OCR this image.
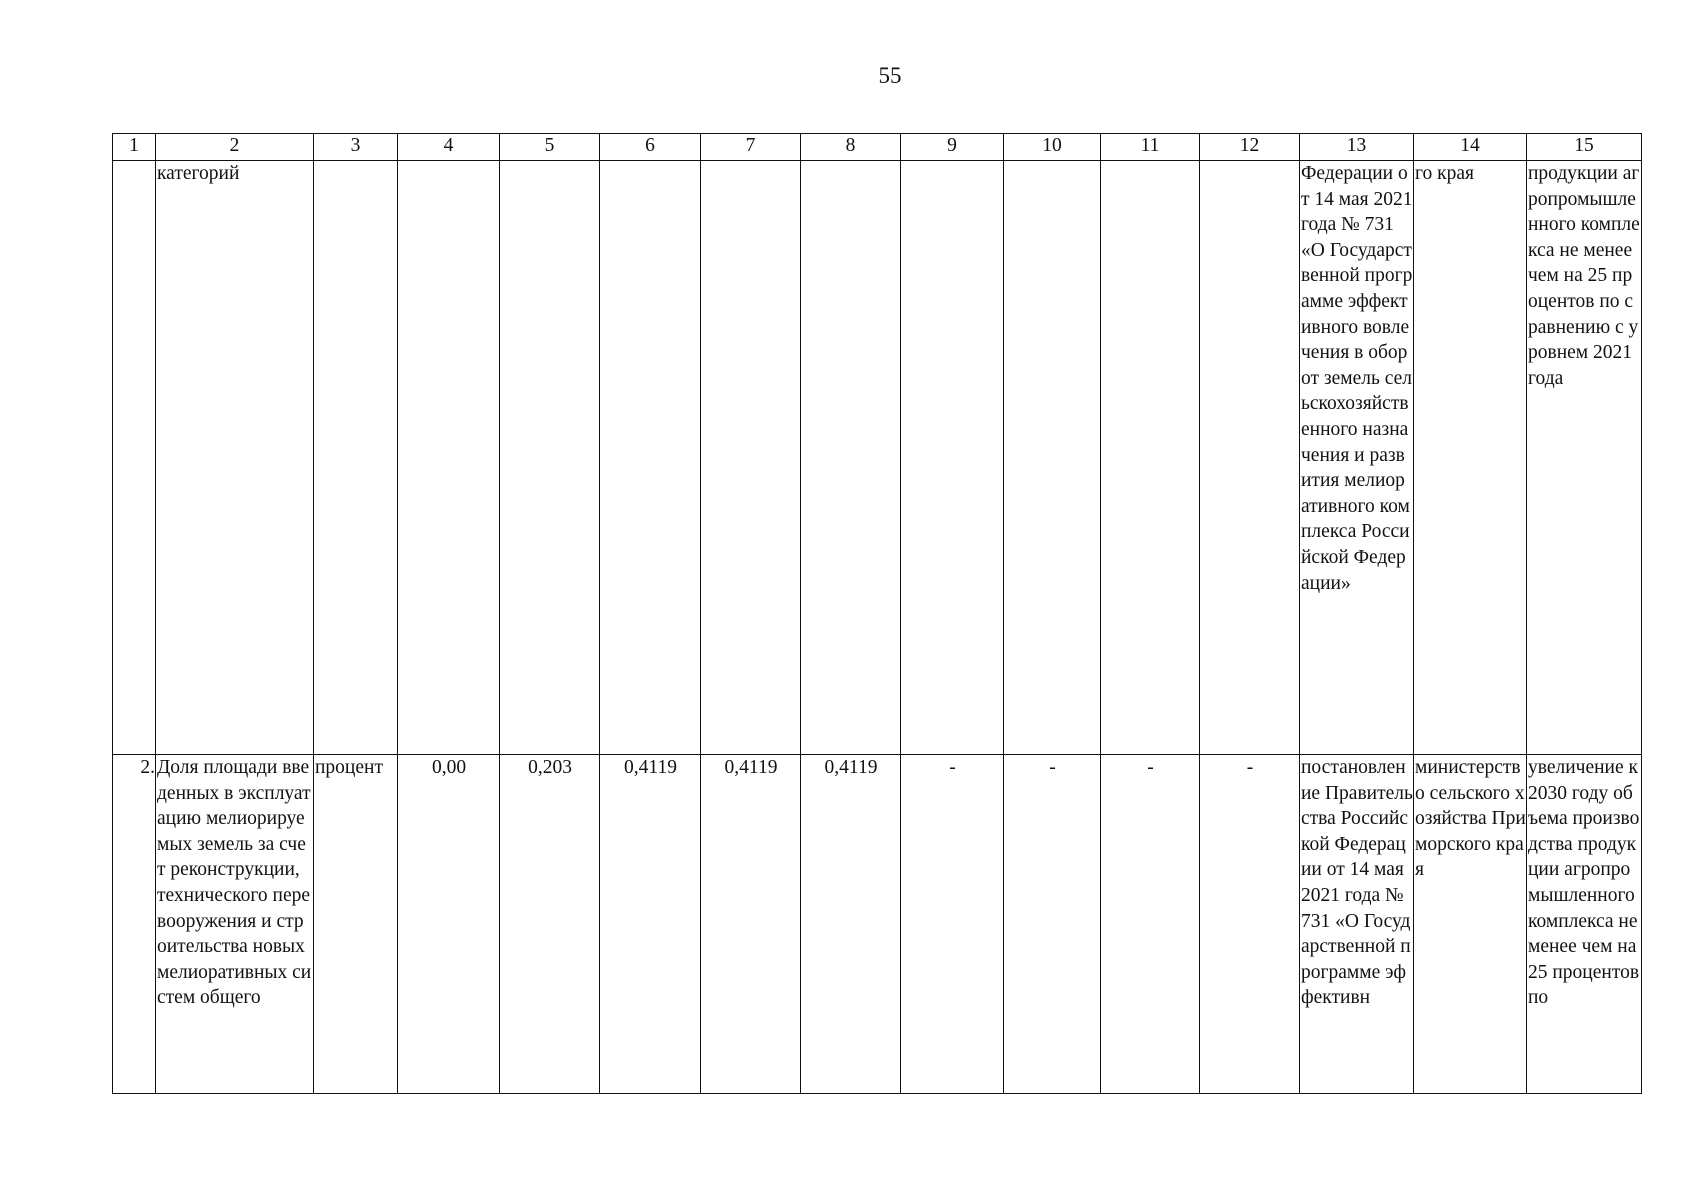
55
1	2	3	4	5	6	7	8	9	10	11	12	13	14	15
	категорий											Федерации от 14 мая 2021 года № 731 «О Государственной программе эффективного вовлечения в оборот земель сельскохозяйственного назначения и развития мелиоративного комплекса Российской Федерации»	го края	продукции агропромышленного комплекса не менее чем на 25 процентов по сравнению с уровнем 2021 года
2.	Доля площади введенных в эксплуатацию мелиорируемых земель за счет реконструкции, технического перевооружения и строительства новых мелиоративных систем общего	процент	0,00	0,203	0,4119	0,4119	0,4119	-	-	-	-	постановление Правительства Российской Федерации от 14 мая 2021 года № 731 «О Государственной программе эффективн	министерство сельского хозяйства Приморского края	увеличение к 2030 году объема производства продукции агропромышленного комплекса не менее чем на 25 процентов по
